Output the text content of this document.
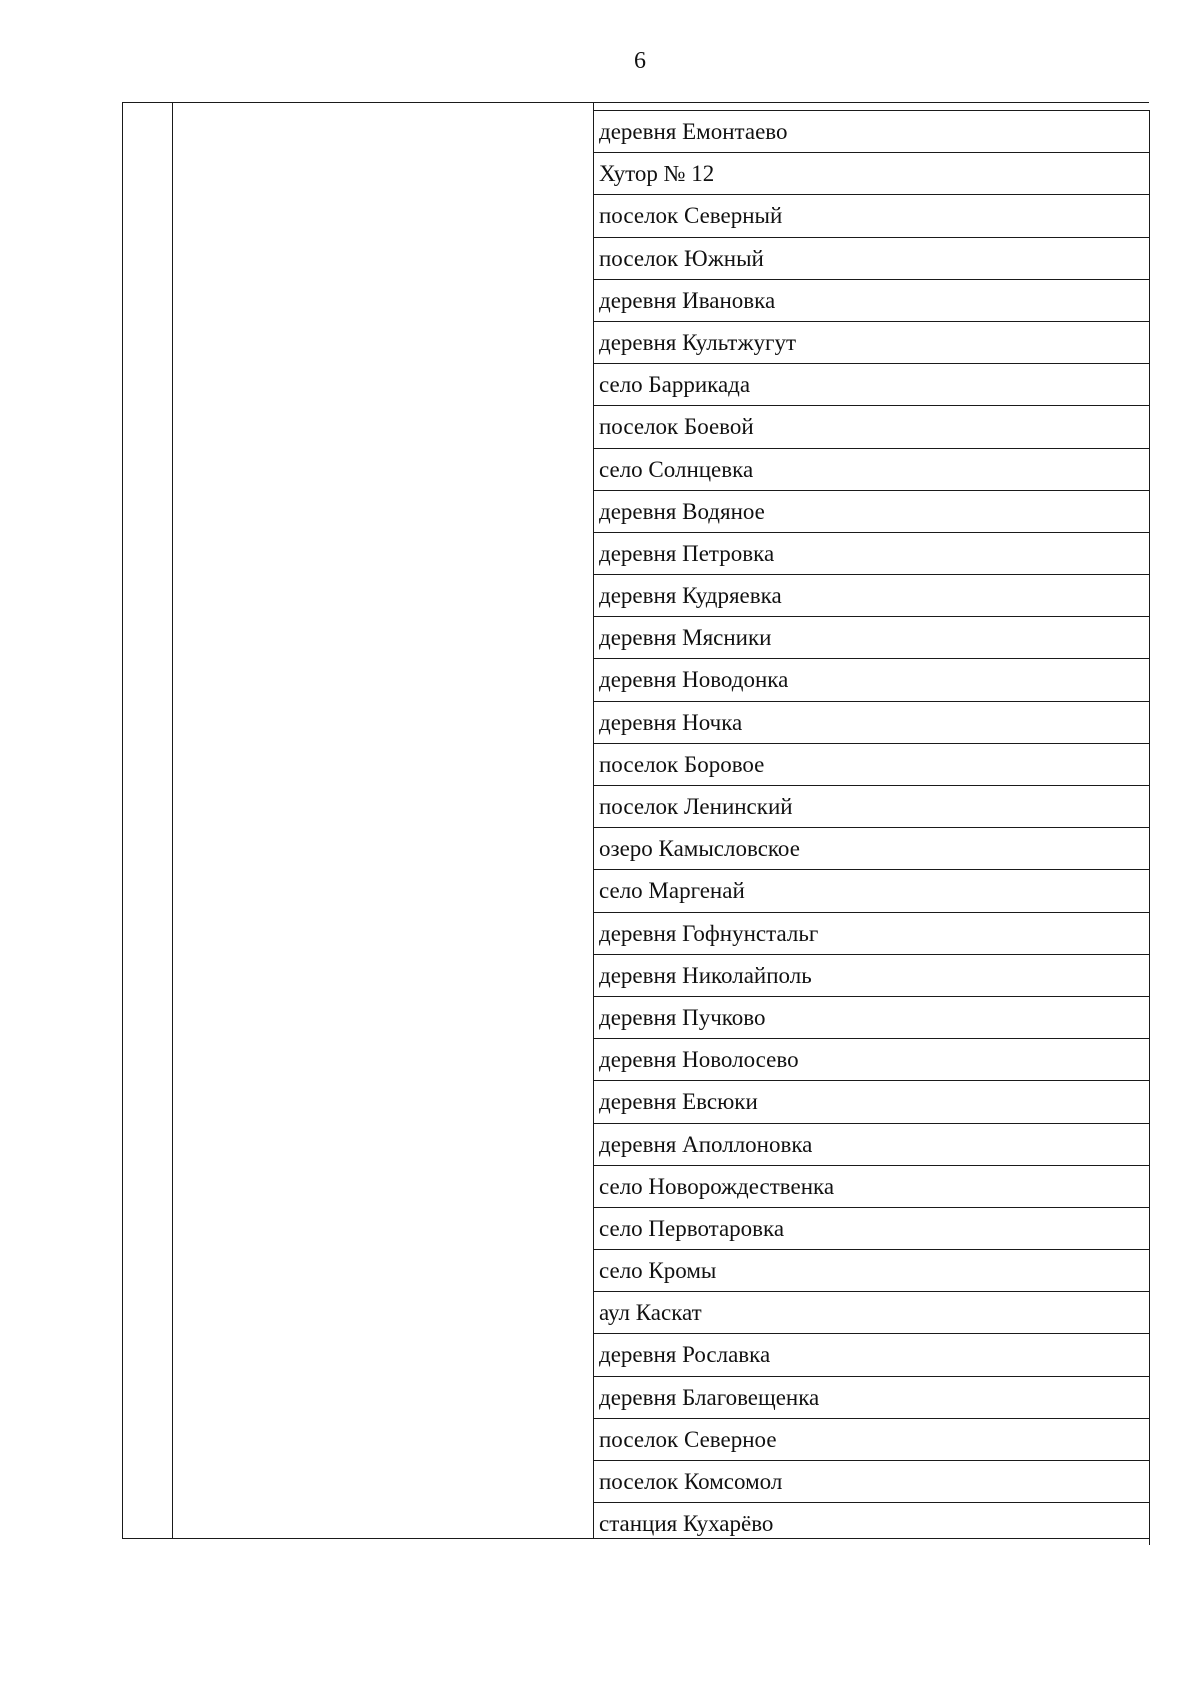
6
деревня Емонтаево
Хутор № 12
поселок Северный
поселок Южный
деревня Ивановка
деревня Культжугут
село Баррикада
поселок Боевой
село Солнцевка
деревня Водяное
деревня Петровка
деревня Кудряевка
деревня Мясники
деревня Новодонка
деревня Ночка
поселок Боровое
поселок Ленинский
озеро Камысловское
село Маргенай
деревня Гофнунстальг
деревня Николайполь
деревня Пучково
деревня Новолосево
деревня Евсюки
деревня Аполлоновка
село Новорождественка
село Первотаровка
село Кромы
аул Каскат
деревня Рославка
деревня Благовещенка
поселок Северное
поселок Комсомол
станция Кухарёво
